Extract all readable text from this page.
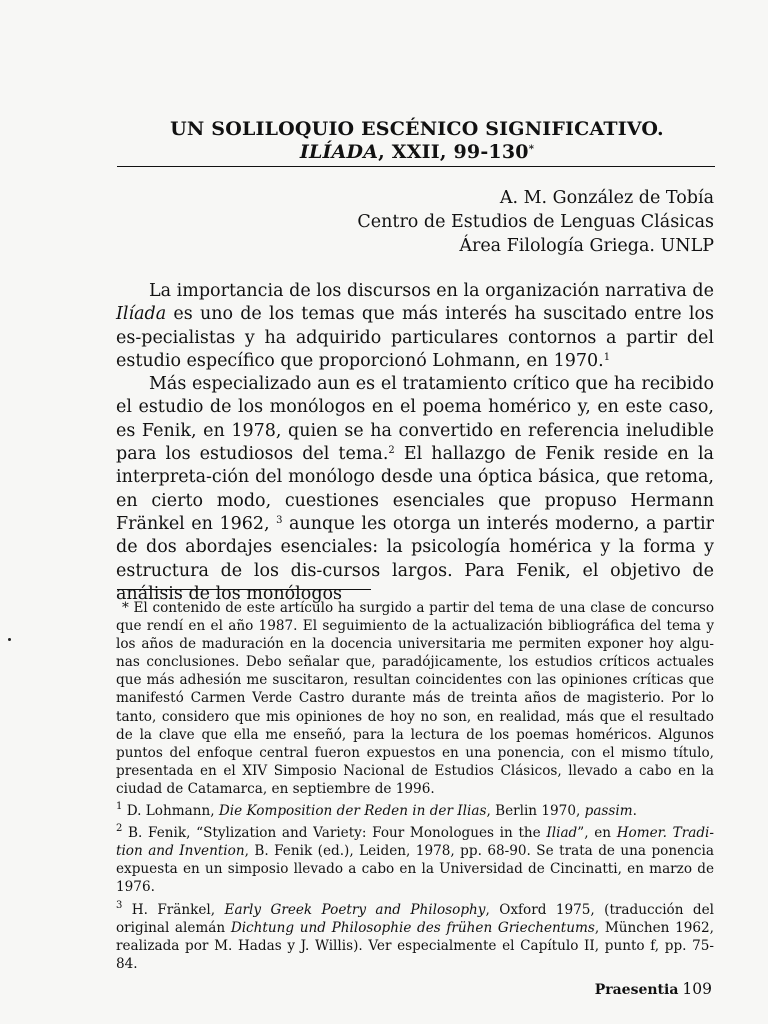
UN SOLILOQUIO ESCÉNICO SIGNIFICATIVO.
ILÍADA, XXII, 99-130*
A. M. González de Tobía
Centro de Estudios de Lenguas Clásicas
Área Filología Griega. UNLP

La importancia de los discursos en la organización narrativa de Ilíada es uno de los temas que más interés ha suscitado entre los es-pecialistas y ha adquirido particulares contornos a partir del estudio específico que proporcionó Lohmann, en 1970.$^1$

Más especializado aun es el tratamiento crítico que ha recibido el estudio de los monólogos en el poema homérico y, en este caso, es Fenik, en 1978, quien se ha convertido en referencia ineludible para los estudiosos del tema.$^2$ El hallazgo de Fenik reside en la interpreta-ción del monólogo desde una óptica básica, que retoma, en cierto modo, cuestiones esenciales que propuso Hermann Fränkel en 1962, $^3$ aunque les otorga un interés moderno, a partir de dos abordajes esenciales: la psicología homérica y la forma y estructura de los dis-cursos largos. Para Fenik, el objetivo de análisis de los monólogos

* El contenido de este artículo ha surgido a partir del tema de una clase de concurso que rendí en el año 1987. El seguimiento de la actualización bibliográfica del tema y los años de maduración en la docencia universitaria me permiten exponer hoy algu-nas conclusiones. Debo señalar que, paradójicamente, los estudios críticos actuales que más adhesión me suscitaron, resultan coincidentes con las opiniones críticas que manifestó Carmen Verde Castro durante más de treinta años de magisterio. Por lo tanto, considero que mis opiniones de hoy no son, en realidad, más que el resultado de la clave que ella me enseñó, para la lectura de los poemas homéricos. Algunos puntos del enfoque central fueron expuestos en una ponencia, con el mismo título, presentada en el XIV Simposio Nacional de Estudios Clásicos, llevado a cabo en la ciudad de Catamarca, en septiembre de 1996.

$^1$ D. Lohmann, Die Komposition der Reden in der Ilias, Berlin 1970, passim.

$^2$ B. Fenik, “Stylization and Variety: Four Monologues in the Iliad”, en Homer. Tradi-tion and Invention, B. Fenik (ed.), Leiden, 1978, pp. 68-90. Se trata de una ponencia expuesta en un simposio llevado a cabo en la Universidad de Cincinatti, en marzo de 1976.

$^3$ H. Fränkel, Early Greek Poetry and Philosophy, Oxford 1975, (traducción del original alemán Dichtung und Philosophie des frühen Griechentums, München 1962, realizada por M. Hadas y J. Willis). Ver especialmente el Capítulo II, punto f, pp. 75-84.

Praesentia 109
